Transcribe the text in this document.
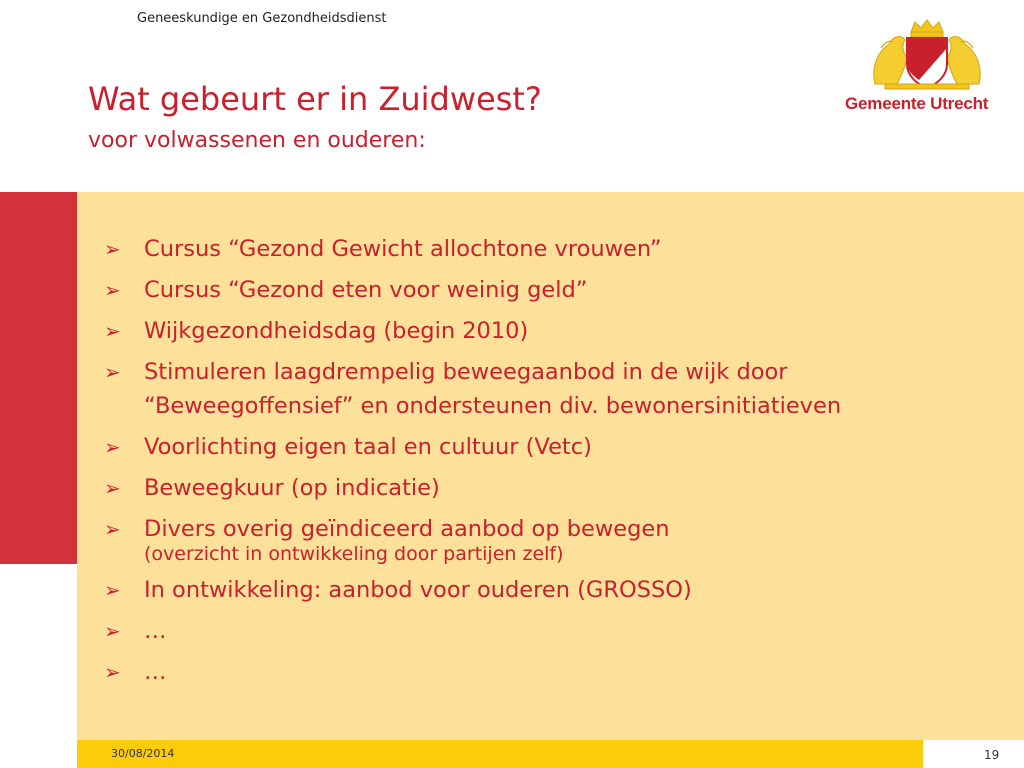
Geneeskundige en Gezondheidsdienst
Gemeente Utrecht
Wat gebeurt er in Zuidwest?
voor volwassenen en ouderen:
➢ Cursus “Gezond Gewicht allochtone vrouwen”
➢ Cursus “Gezond eten voor weinig geld”
➢ Wijkgezondheidsdag (begin 2010)
➢ Stimuleren laagdrempelig beweegaanbod in de wijk door
“Beweegoffensief” en ondersteunen div. bewonersinitiatieven
➢ Voorlichting eigen taal en cultuur (Vetc)
➢ Beweegkuur (op indicatie)
➢ Divers overig geïndiceerd aanbod op bewegen
(overzicht in ontwikkeling door partijen zelf)
➢ In ontwikkeling: aanbod voor ouderen (GROSSO)
➢ …
➢ …
30/08/2014	19
